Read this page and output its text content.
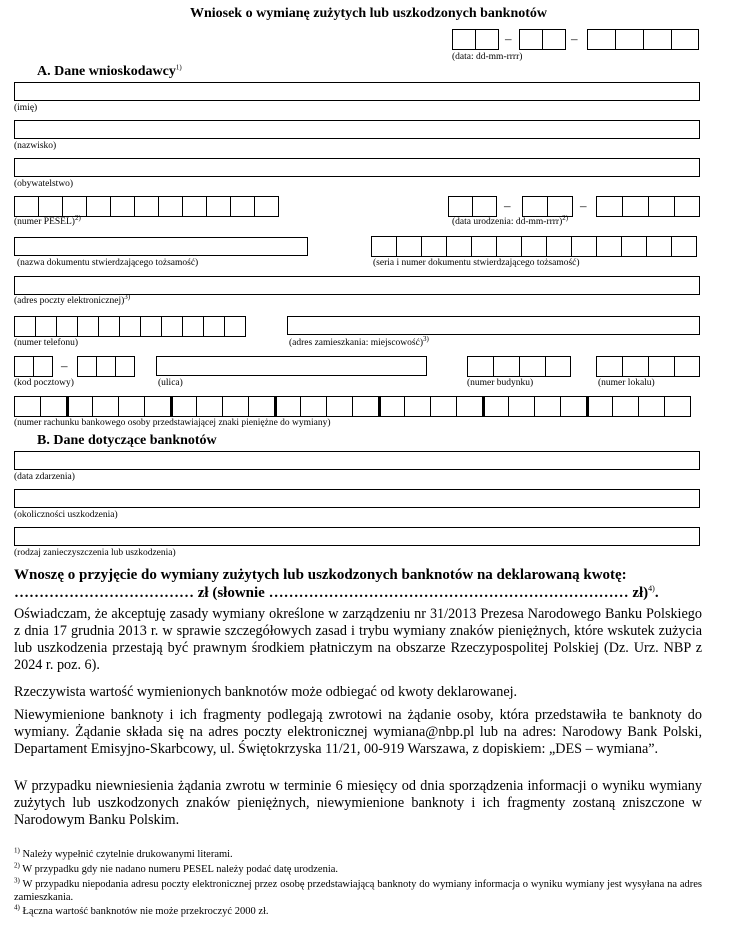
Wniosek o wymianę zużytych lub uszkodzonych banknotów
–	–
(data: dd-mm-rrrr)
A. Dane wnioskodawcy$^{1)}$
(imię)
(nazwisko)
(obywatelstwo)
(numer PESEL)$^{2)}$
–	–
(data urodzenia: dd-mm-rrrr)$^{2)}$
(nazwa dokumentu stwierdzającego tożsamość)	(seria i numer dokumentu stwierdzającego tożsamość)
(adres poczty elektronicznej)$^{3)}$
(numer telefonu)	(adres zamieszkania: miejscowość)$^{3)}$
–
(kod pocztowy)	(ulica)	(numer budynku)	(numer lokalu)
(numer rachunku bankowego osoby przedstawiającej znaki pieniężne do wymiany)
B. Dane dotyczące banknotów
(data zdarzenia)
(okoliczności uszkodzenia)
(rodzaj zanieczyszczenia lub uszkodzenia)
Wnoszę o przyjęcie do wymiany zużytych lub uszkodzonych banknotów na deklarowaną kwotę:
……………………………… zł (słownie ……………………………………………………………… zł)$^{4)}$.
Oświadczam, że akceptuję zasady wymiany określone w zarządzeniu nr 31/2013 Prezesa Narodowego Banku Polskiego z dnia 17 grudnia 2013 r. w sprawie szczegółowych zasad i trybu wymiany znaków pieniężnych, które wskutek zużycia lub uszkodzenia przestają być prawnym środkiem płatniczym na obszarze Rzeczypospolitej Polskiej (Dz. Urz. NBP z 2024 r. poz. 6).
Rzeczywista wartość wymienionych banknotów może odbiegać od kwoty deklarowanej.
Niewymienione banknoty i ich fragmenty podlegają zwrotowi na żądanie osoby, która przedstawiła te banknoty do wymiany. Żądanie składa się na adres poczty elektronicznej wymiana@nbp.pl lub na adres: Narodowy Bank Polski, Departament Emisyjno-Skarbcowy, ul. Świętokrzyska 11/21, 00-919 Warszawa, z dopiskiem: „DES – wymiana”.
W przypadku niewniesienia żądania zwrotu w terminie 6 miesięcy od dnia sporządzenia informacji o wyniku wymiany zużytych lub uszkodzonych znaków pieniężnych, niewymienione banknoty i ich fragmenty zostaną zniszczone w Narodowym Banku Polskim.
$^{1)}$ Należy wypełnić czytelnie drukowanymi literami.
$^{2)}$ W przypadku gdy nie nadano numeru PESEL należy podać datę urodzenia.
$^{3)}$ W przypadku niepodania adresu poczty elektronicznej przez osobę przedstawiającą banknoty do wymiany informacja o wyniku wymiany jest wysyłana na adres zamieszkania.
$^{4)}$ Łączna wartość banknotów nie może przekroczyć 2000 zł.
